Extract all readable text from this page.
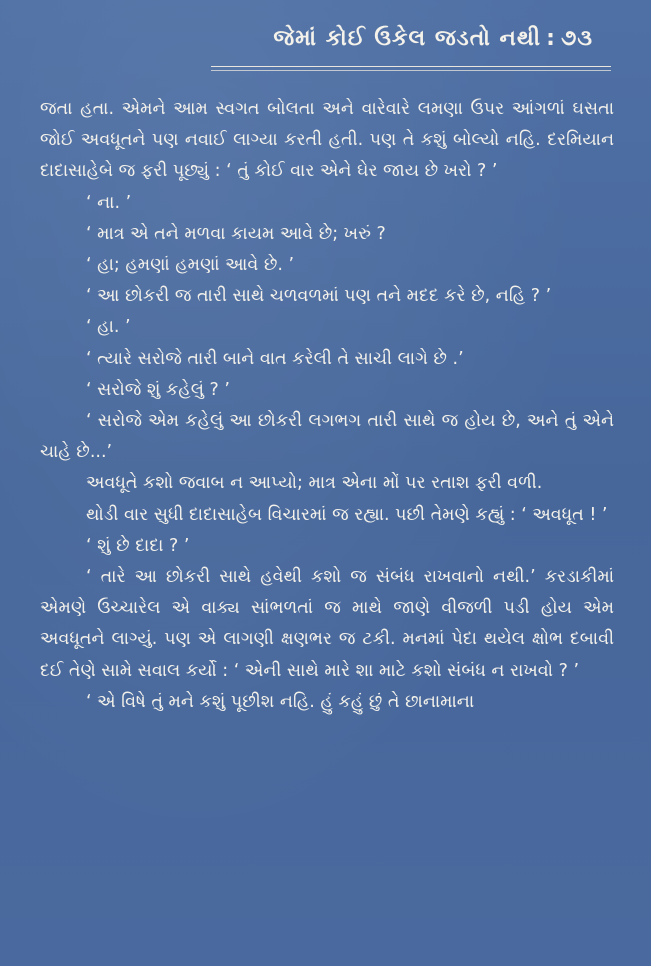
જેમાં કોઈ ઉકેલ જડતો નથી : ૭૩

જતા હતા. એમને આમ સ્વગત બોલતા અને વારેવારે લમણા ઉપર આંગળાં ઘસતા જોઈ અવધૂતને પણ નવાઈ લાગ્યા કરતી હતી. પણ તે કશું બોલ્યો નહિ. દરમિયાન દાદાસાહેબે જ ફરી પૂછ્યું : ‘ તું કોઈ વાર એને ઘેર જાય છે ખરો ? ’

‘ ના. ’

‘ માત્ર એ તને મળવા કાયમ આવે છે; ખરું ?

‘ હા; હમણાં હમણાં આવે છે. ’

‘ આ છોકરી જ તારી સાથે ચળવળમાં પણ તને મદદ કરે છે, નહિ ? ’

‘ હા. ’

‘ ત્યારે સરોજે તારી બાને વાત કરેલી તે સાચી લાગે છે .’

‘ સરોજે શું કહેલું ? ’

‘ સરોજે એમ કહેલું આ છોકરી લગભગ તારી સાથે જ હોય છે, અને તું એને ચાહે છે...’

અવધૂતે કશો જવાબ ન આપ્યો; માત્ર એના મોં પર રતાશ ફરી વળી.

થોડી વાર સુધી દાદાસાહેબ વિચારમાં જ રહ્યા. પછી તેમણે કહ્યું : ‘ અવધૂત ! ’

‘ શું છે દાદા ? ’

‘ તારે આ છોકરી સાથે હવેથી કશો જ સંબંધ રાખવાનો નથી.’ કરડાકીમાં એમણે ઉચ્ચારેલ એ વાક્ય સાંભળતાં જ માથે જાણે વીજળી પડી હોય એમ અવધૂતને લાગ્યું. પણ એ લાગણી ક્ષણભર જ ટકી. મનમાં પેદા થયેલ ક્ષોભ દબાવી દઈ તેણે સામે સવાલ કર્યો : ‘ એની સાથે મારે શા માટે કશો સંબંધ ન રાખવો ? ’

‘ એ વિષે તું મને કશું પૂછીશ નહિ. હું કહું છું તે છાનામાના
